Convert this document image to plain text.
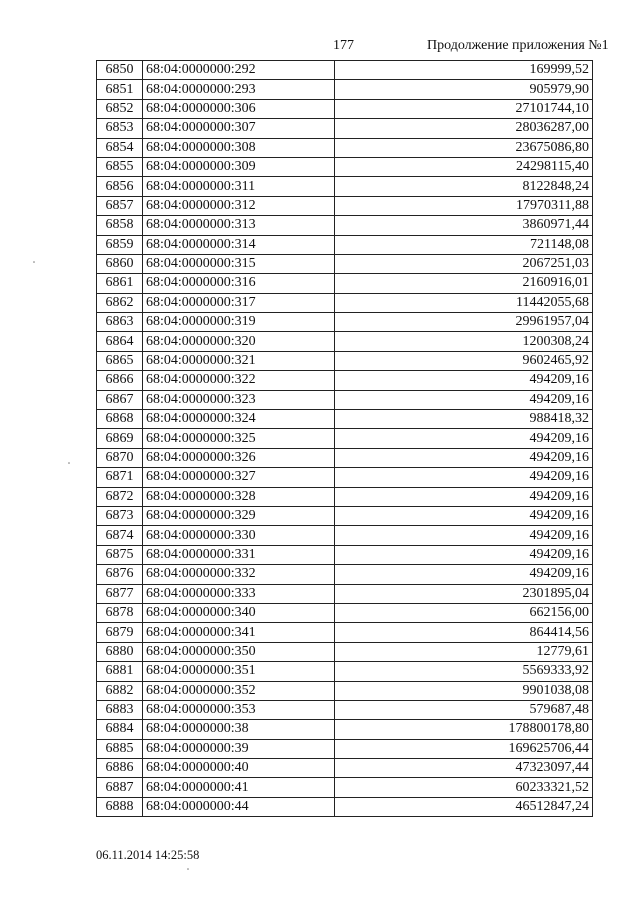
177	Продолжение приложения №1
6850	68:04:0000000:292	169999,52
6851	68:04:0000000:293	905979,90
6852	68:04:0000000:306	27101744,10
6853	68:04:0000000:307	28036287,00
6854	68:04:0000000:308	23675086,80
6855	68:04:0000000:309	24298115,40
6856	68:04:0000000:311	8122848,24
6857	68:04:0000000:312	17970311,88
6858	68:04:0000000:313	3860971,44
6859	68:04:0000000:314	721148,08
6860	68:04:0000000:315	2067251,03
6861	68:04:0000000:316	2160916,01
6862	68:04:0000000:317	11442055,68
6863	68:04:0000000:319	29961957,04
6864	68:04:0000000:320	1200308,24
6865	68:04:0000000:321	9602465,92
6866	68:04:0000000:322	494209,16
6867	68:04:0000000:323	494209,16
6868	68:04:0000000:324	988418,32
6869	68:04:0000000:325	494209,16
6870	68:04:0000000:326	494209,16
6871	68:04:0000000:327	494209,16
6872	68:04:0000000:328	494209,16
6873	68:04:0000000:329	494209,16
6874	68:04:0000000:330	494209,16
6875	68:04:0000000:331	494209,16
6876	68:04:0000000:332	494209,16
6877	68:04:0000000:333	2301895,04
6878	68:04:0000000:340	662156,00
6879	68:04:0000000:341	864414,56
6880	68:04:0000000:350	12779,61
6881	68:04:0000000:351	5569333,92
6882	68:04:0000000:352	9901038,08
6883	68:04:0000000:353	579687,48
6884	68:04:0000000:38	178800178,80
6885	68:04:0000000:39	169625706,44
6886	68:04:0000000:40	47323097,44
6887	68:04:0000000:41	60233321,52
6888	68:04:0000000:44	46512847,24
06.11.2014 14:25:58
